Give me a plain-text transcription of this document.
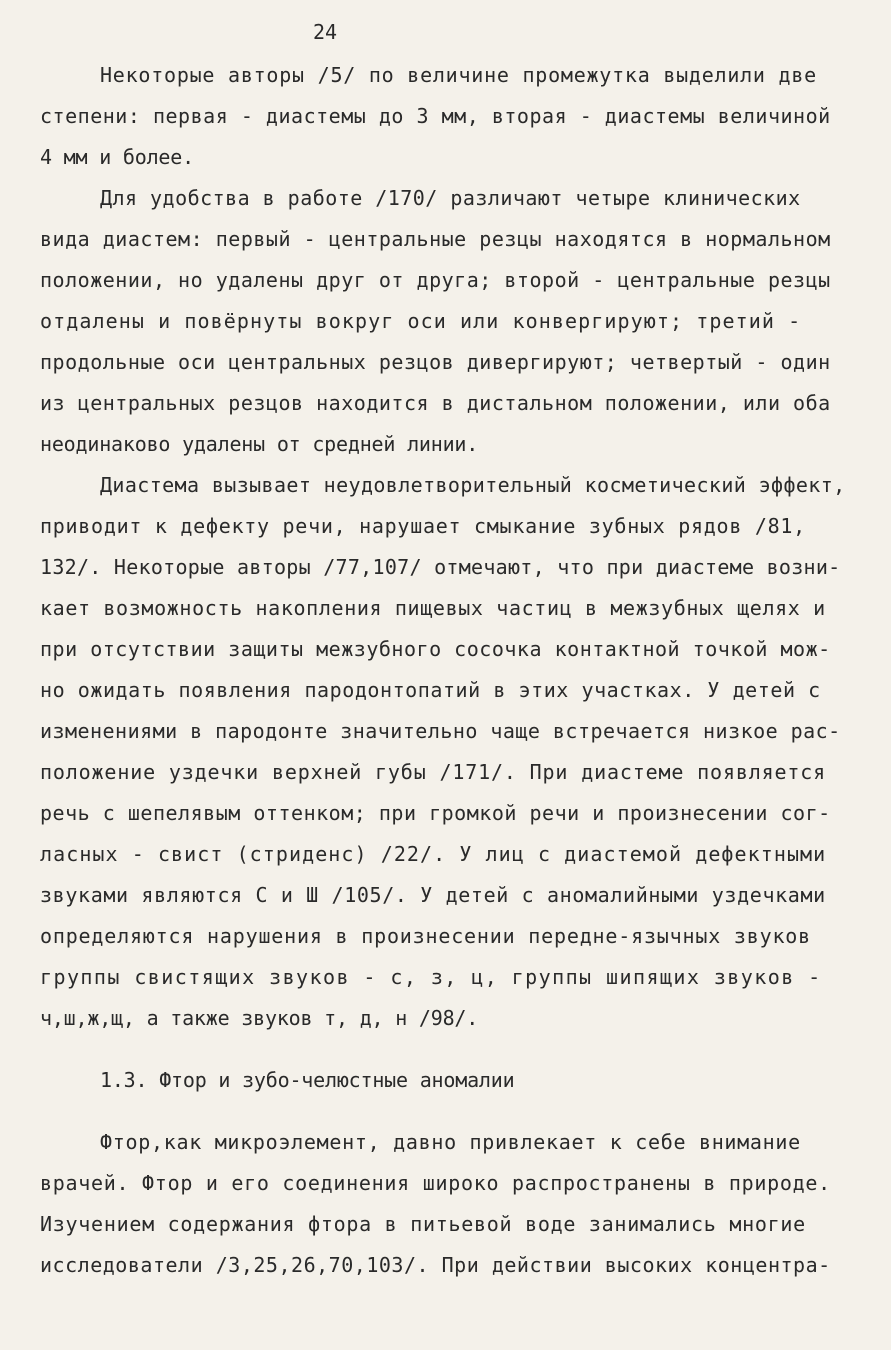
24
Некоторые авторы /5/ по величине промежутка выделили две
степени: первая - диастемы до 3 мм, вторая - диастемы величиной
4 мм и более.
Для удобства в работе /170/ различают четыре клинических
вида диастем: первый - центральные резцы находятся в нормальном
положении, но удалены друг от друга; второй - центральные резцы
отдалены и повёрнуты вокруг оси или конвергируют; третий -
продольные оси центральных резцов дивергируют; четвертый - один
из центральных резцов находится в дистальном положении, или оба
неодинаково удалены от средней линии.
Диастема вызывает неудовлетворительный косметический эффект,
приводит к дефекту речи, нарушает смыкание зубных рядов /81,
132/. Некоторые авторы /77,107/ отмечают, что при диастеме возни-
кает возможность накопления пищевых частиц в межзубных щелях и
при отсутствии защиты межзубного сосочка контактной точкой мож-
но ожидать появления пародонтопатий в этих участках. У детей с
изменениями в пародонте значительно чаще встречается низкое рас-
положение уздечки верхней губы /171/. При диастеме появляется
речь с шепелявым оттенком; при громкой речи и произнесении сог-
ласных - свист (стриденс) /22/. У лиц с диастемой дефектными
звуками являются С и Ш /105/. У детей с аномалийными уздечками
определяются нарушения в произнесении передне-язычных звуков
группы свистящих звуков - с, з, ц, группы шипящих звуков -
ч,ш,ж,щ, а также звуков т, д, н /98/.
1.3. Фтор и зубо-челюстные аномалии
Фтор,как микроэлемент, давно привлекает к себе внимание
врачей. Фтор и его соединения широко распространены в природе.
Изучением содержания фтора в питьевой воде занимались многие
исследователи /3,25,26,70,103/. При действии высоких концентра-
